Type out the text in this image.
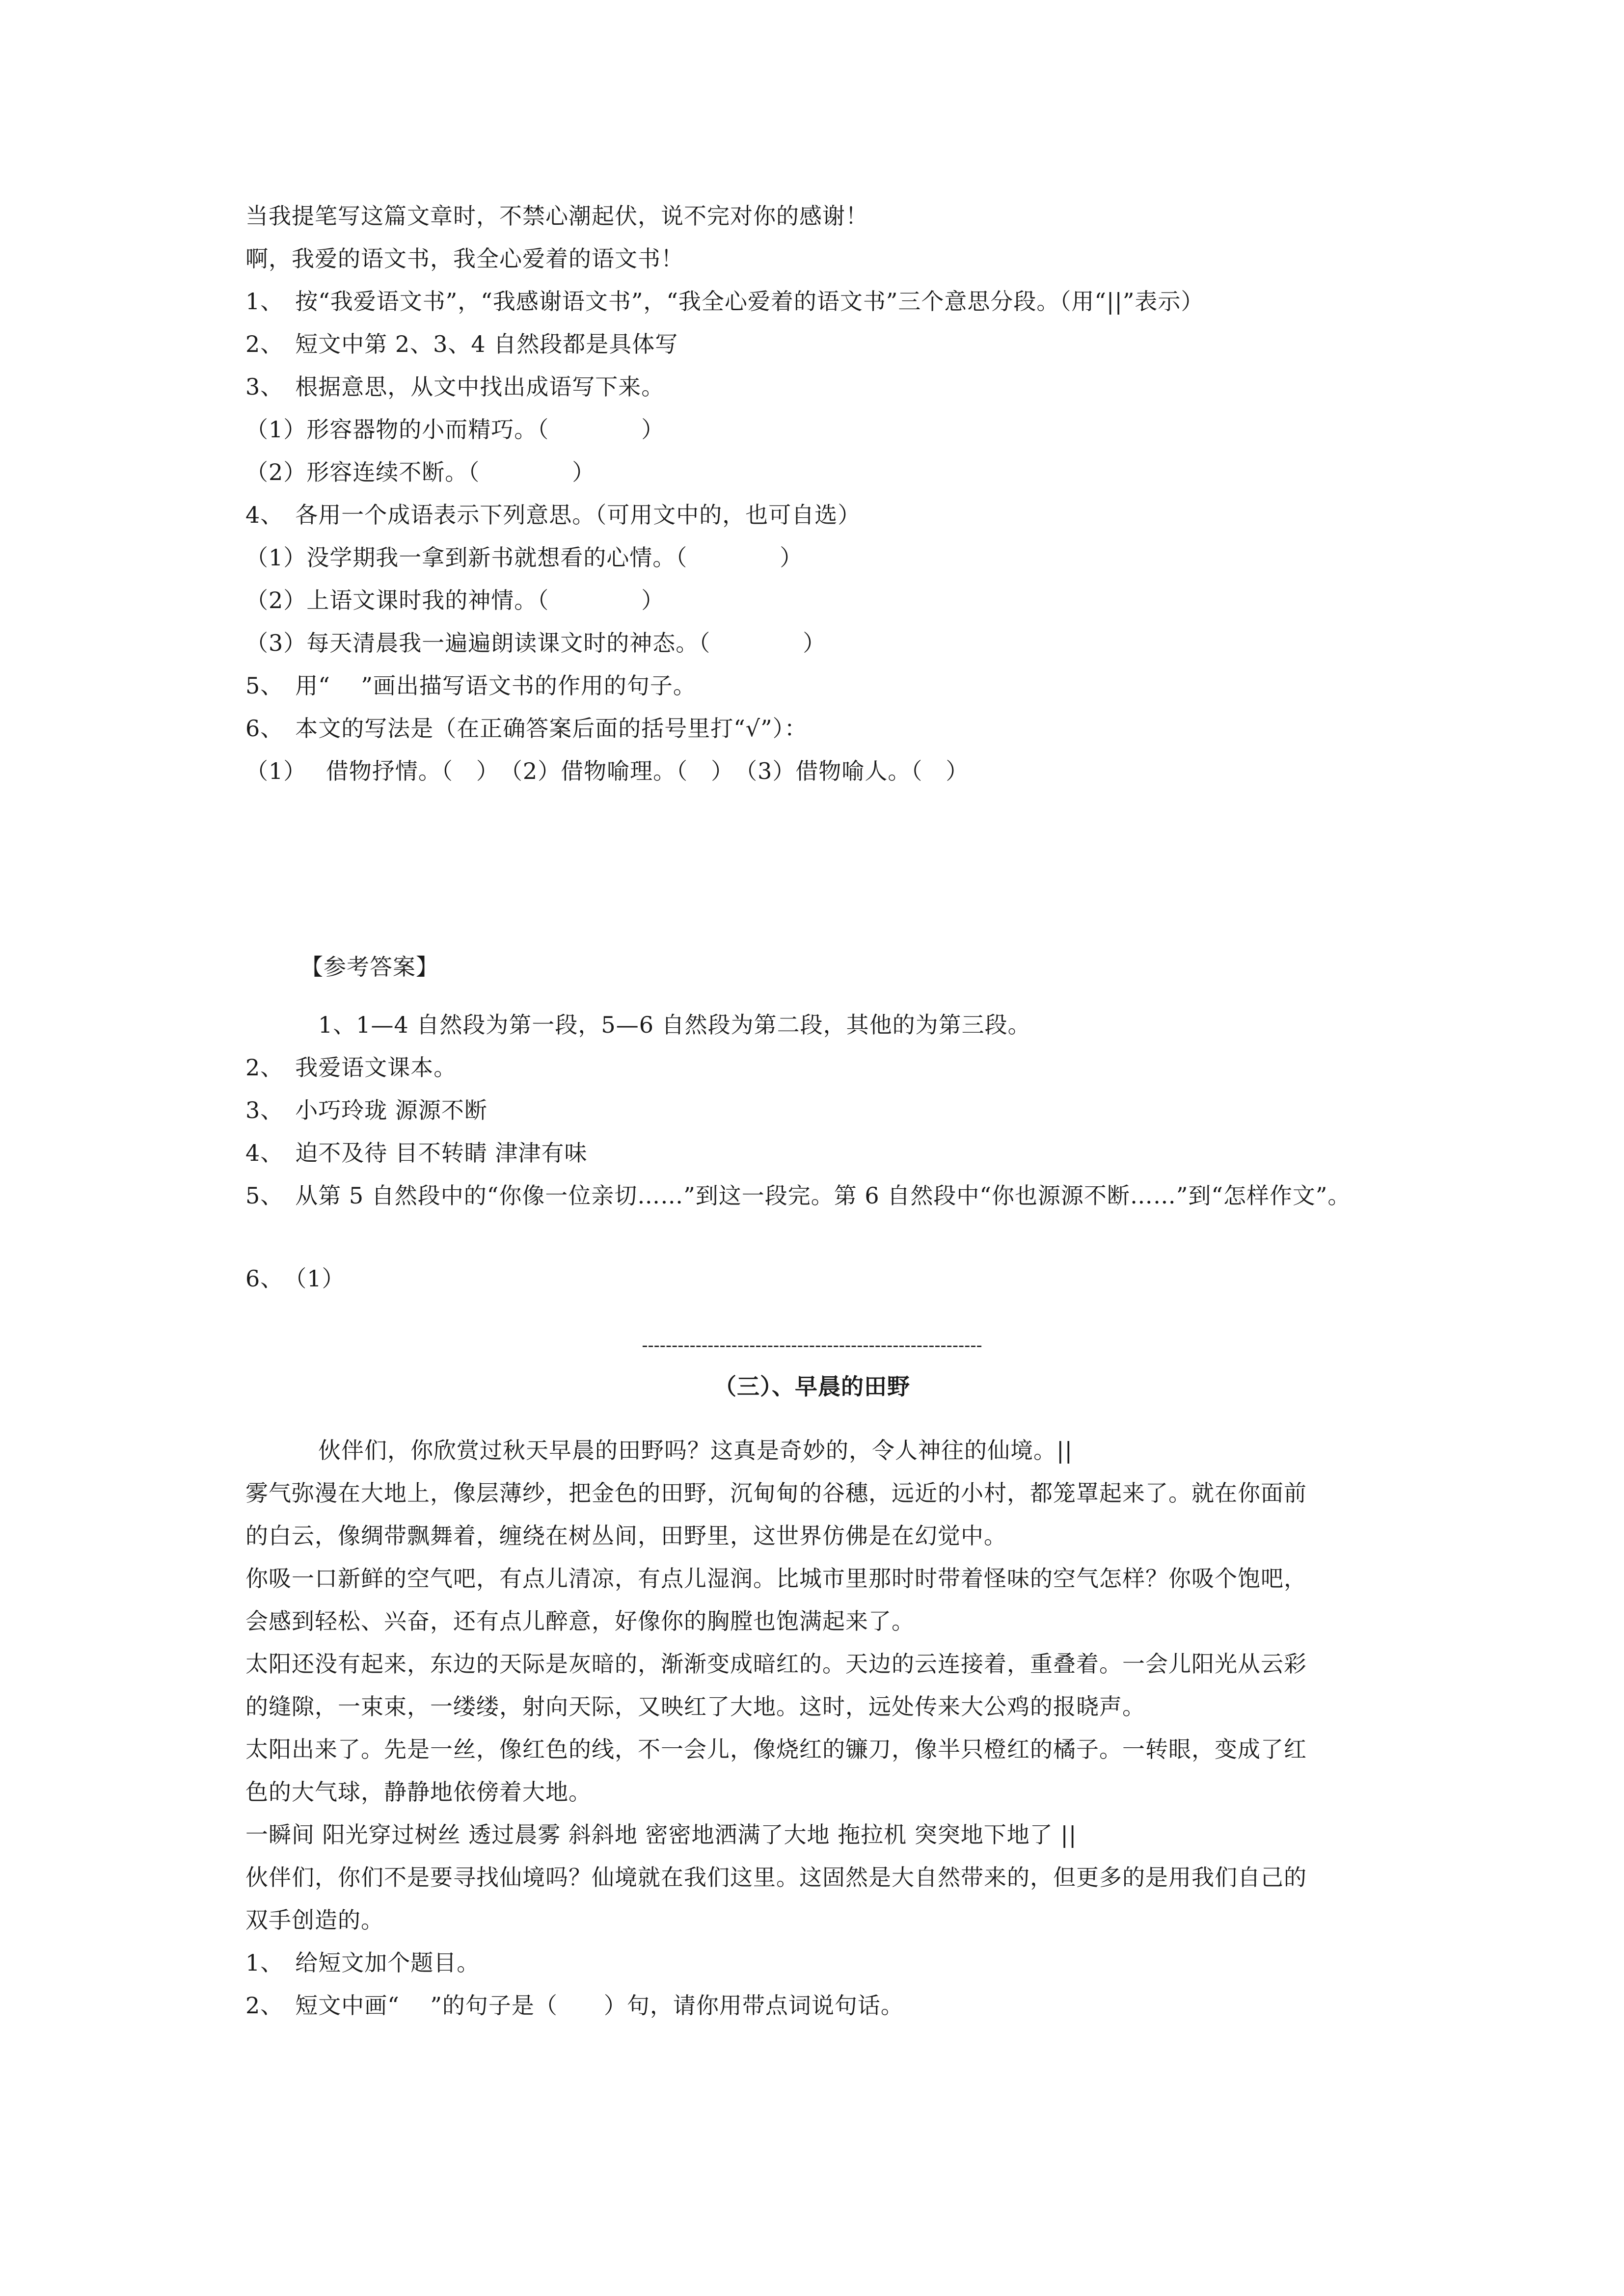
当我提笔写这篇文章时，不禁心潮起伏，说不完对你的感谢！
啊，我爱的语文书，我全心爱着的语文书！
1、　按“我爱语文书”，“我感谢语文书”，“我全心爱着的语文书”三个意思分段。（用“||”表示）
2、　短文中第 2、3、4 自然段都是具体写
3、　根据意思，从文中找出成语写下来。
（1）形容器物的小而精巧。（　　　　）
（2）形容连续不断。（　　　　）
4、　各用一个成语表示下列意思。（可用文中的，也可自选）
（1）没学期我一拿到新书就想看的心情。（　　　　）
（2）上语文课时我的神情。（　　　　）
（3）每天清晨我一遍遍朗读课文时的神态。（　　　　）
5、　用“　 ”画出描写语文书的作用的句子。
6、　本文的写法是（在正确答案后面的括号里打“√”）：
（1）　 借物抒情。（　）　（2）借物喻理。（　）　（3）借物喻人。（　）
【参考答案】
1、1—4 自然段为第一段，5—6 自然段为第二段，其他的为第三段。
2、　我爱语文课本。
3、　小巧玲珑 源源不断
4、　迫不及待 目不转睛 津津有味
5、　从第 5 自然段中的“你像一位亲切……”到这一段完。第 6 自然段中“你也源源不断……”到“怎样作文”。
6、　（1）
---------------------------------------------------------
（三）、早晨的田野
伙伴们，你欣赏过秋天早晨的田野吗？这真是奇妙的，令人神往的仙境。||
雾气弥漫在大地上，像层薄纱，把金色的田野，沉甸甸的谷穗，远近的小村，都笼罩起来了。就在你面前
的白云，像绸带飘舞着，缠绕在树丛间，田野里，这世界仿佛是在幻觉中。
你吸一口新鲜的空气吧，有点儿清凉，有点儿湿润。比城市里那时时带着怪味的空气怎样？你吸个饱吧，
会感到轻松、兴奋，还有点儿醉意，好像你的胸膛也饱满起来了。
太阳还没有起来，东边的天际是灰暗的，渐渐变成暗红的。天边的云连接着，重叠着。一会儿阳光从云彩
的缝隙，一束束，一缕缕，射向天际，又映红了大地。这时，远处传来大公鸡的报晓声。
太阳出来了。先是一丝，像红色的线，不一会儿，像烧红的镰刀，像半只橙红的橘子。一转眼，变成了红
色的大气球，静静地依傍着大地。
一瞬间 阳光穿过树丝 透过晨雾 斜斜地 密密地洒满了大地 拖拉机 突突地下地了 ||
伙伴们，你们不是要寻找仙境吗？仙境就在我们这里。这固然是大自然带来的，但更多的是用我们自己的
双手创造的。
1、　给短文加个题目。
2、　短文中画“　 ”的句子是（　　）句，请你用带点词说句话。
